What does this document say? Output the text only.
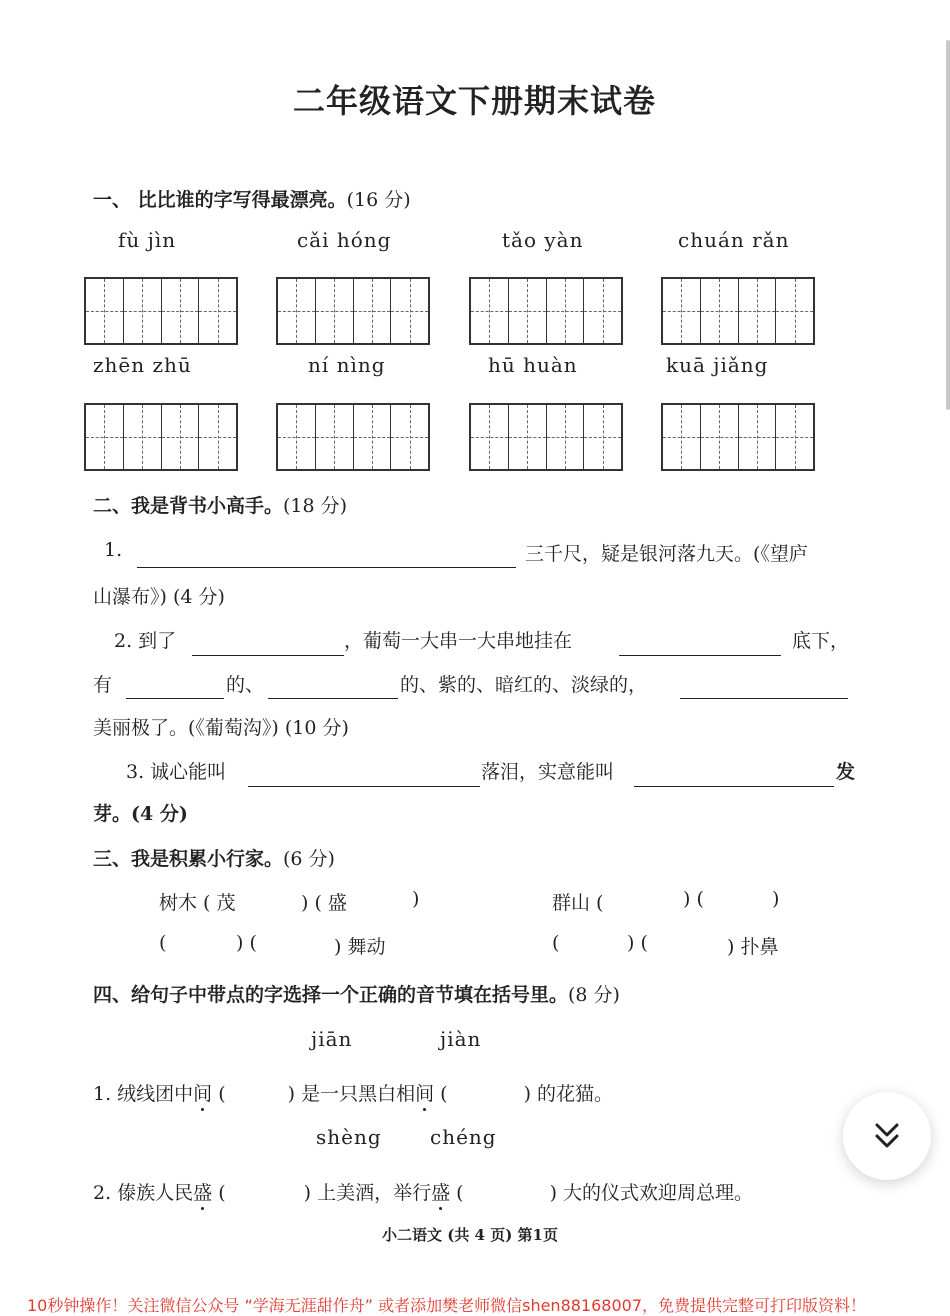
二年级语文下册期末试卷
一、 比比谁的字写得最漂亮。(16 分)
fù jìn	cǎi hóng	tǎo yàn	chuán rǎn
zhēn zhū	ní nìng	hū huàn	kuā jiǎng
二、我是背书小高手。(18 分)
1.	三千尺，疑是银河落九天。(《望庐
山瀑布》) (4 分)
2. 到了	，葡萄一大串一大串地挂在	底下，
有	的、	的、紫的、暗红的、淡绿的，
美丽极了。(《葡萄沟》) (10 分)
3. 诚心能叫	落泪，实意能叫	发
芽。(4 分)
三、我是积累小行家。(6 分)
树木 ( 茂	) ( 盛	)	群山 (	) (	)
(	) (	) 舞动	(	) (	) 扑鼻
四、给句子中带点的字选择一个正确的音节填在括号里。(8 分)
jiān	jiàn
1. 绒线团中间 (	) 是一只黑白相间 (	) 的花猫。
shèng chéng
2. 傣族人民盛 (	) 上美酒，举行盛 (	) 大的仪式欢迎周总理。
小二语文 (共 4 页) 第1页
10秒钟操作！关注微信公众号 “学海无涯甜作舟” 或者添加樊老师微信shen88168007，免费提供完整可打印版资料！
